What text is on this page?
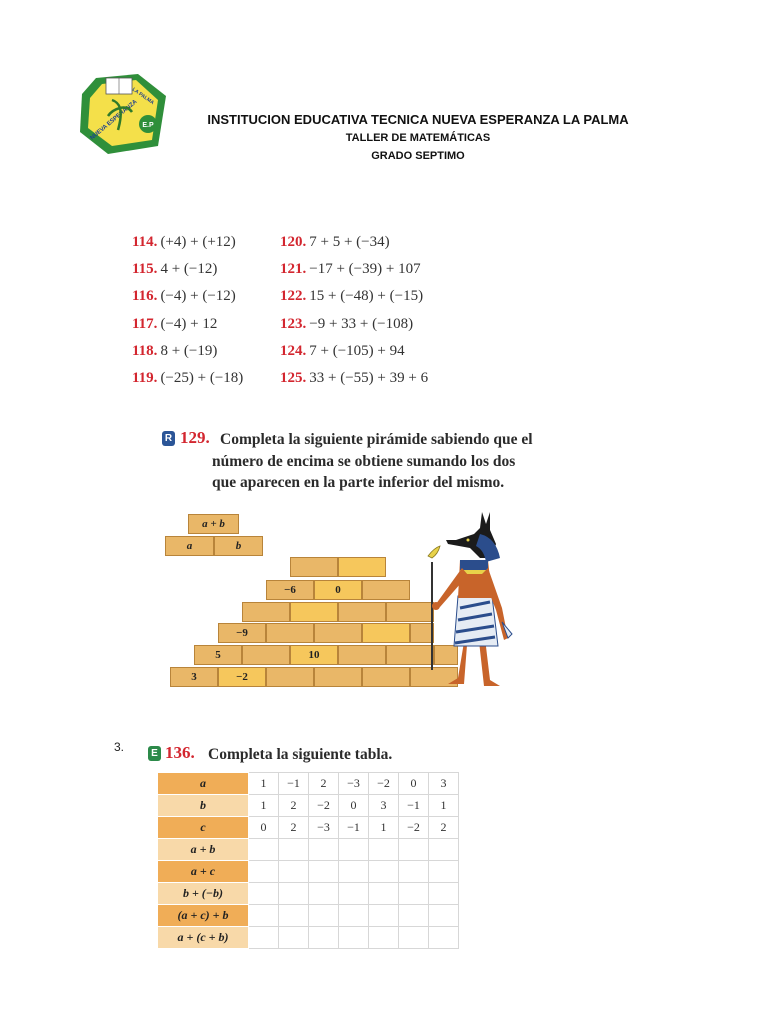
E.P
NUEVA ESPERANZA
LA PALMA
INSTITUCION EDUCATIVA TECNICA NUEVA ESPERANZA LA PALMA
TALLER DE MATEMÁTICAS
GRADO SEPTIMO
114. (+4) + (+12)
115. 4 + (−12)
116. (−4) + (−12)
117. (−4) + 12
118. 8 + (−19)
119. (−25) + (−18)
120. 7 + 5 + (−34)
121. −17 + (−39) + 107
122. 15 + (−48) + (−15)
123. −9 + 33 + (−108)
124. 7 + (−105) + 94
125. 33 + (−55) + 39 + 6
R 129. Completa la siguiente pirámide sabiendo que el
número de encima se obtiene sumando los dos
que aparecen en la parte inferior del mismo.
a + b
a	b
−6	0
−9
5	10
3	−2
3.	E 136. Completa la siguiente tabla.
a	1	−1	2	−3	−2	0	3
b	1	2	−2	0	3	−1	1
c	0	2	−3	−1	1	−2	2
a + b							
a + c							
b + (−b)							
(a + c) + b							
a + (c + b)							
